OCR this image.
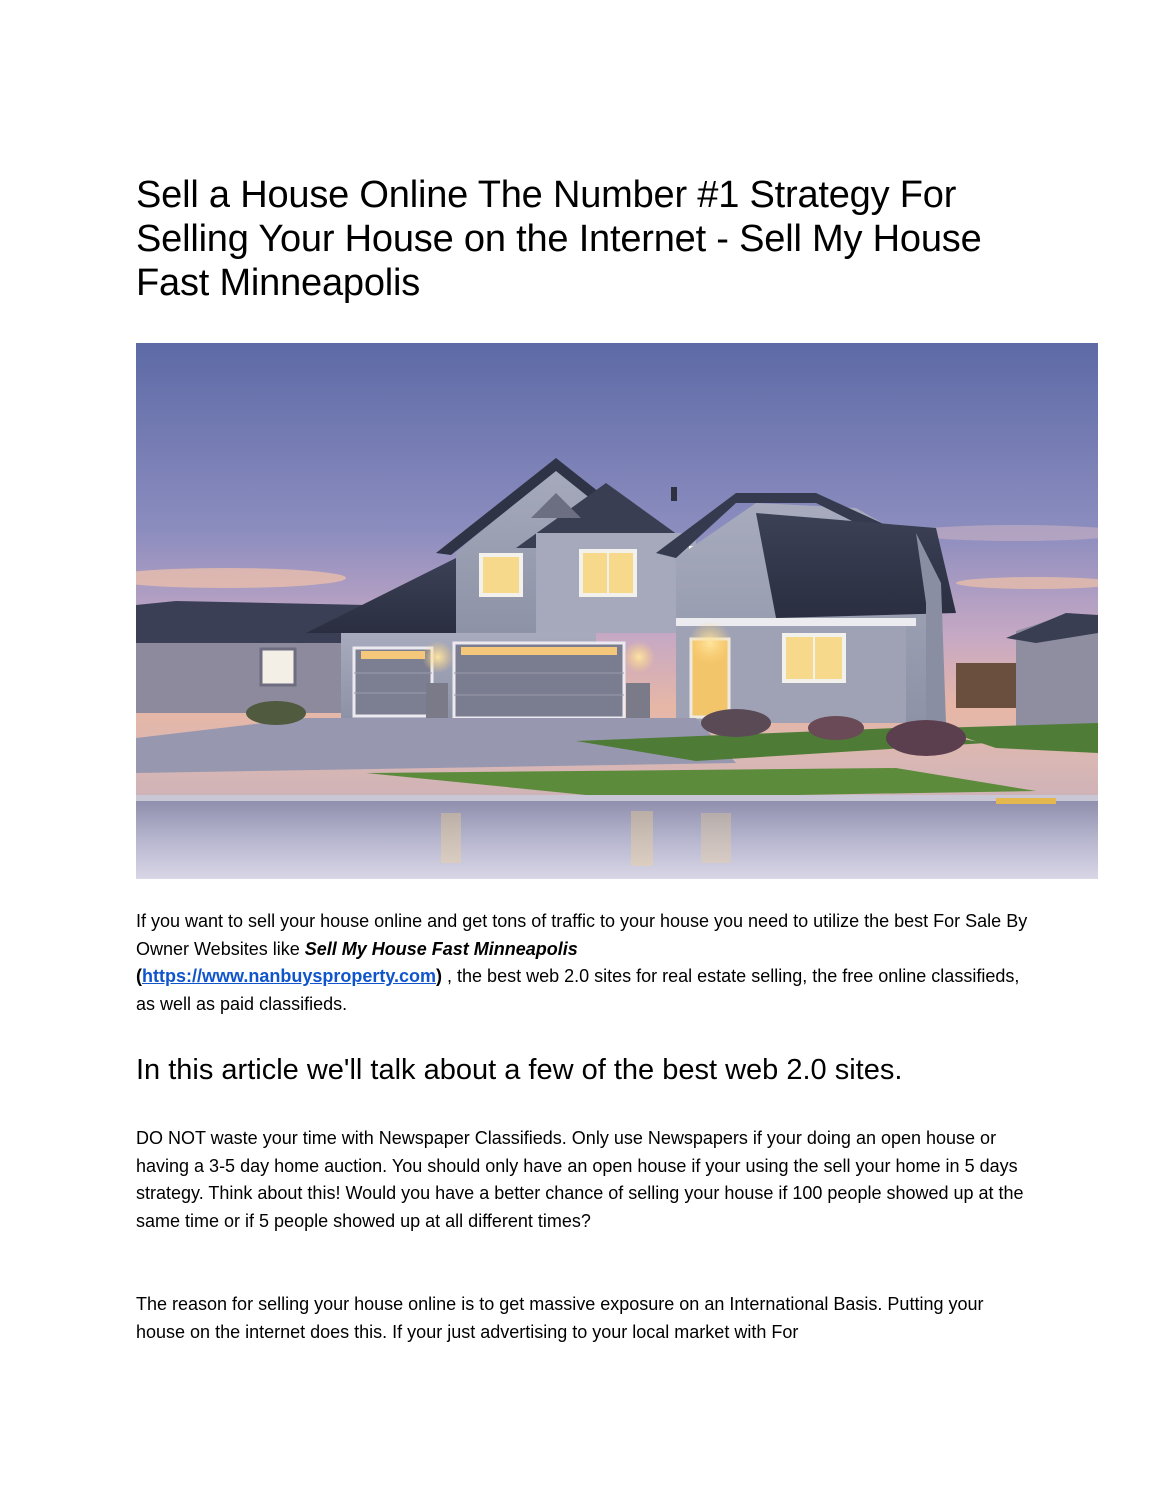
Sell a House Online The Number #1 Strategy For Selling Your House on the Internet - Sell My House Fast Minneapolis

If you want to sell your house online and get tons of traffic to your house you need to utilize the best For Sale By Owner Websites like Sell My House Fast Minneapolis
(https://www.nanbuysproperty.com) , the best web 2.0 sites for real estate selling, the free online classifieds, as well as paid classifieds.

In this article we'll talk about a few of the best web 2.0 sites.

DO NOT waste your time with Newspaper Classifieds. Only use Newspapers if your doing an open house or having a 3-5 day home auction. You should only have an open house if your using the sell your home in 5 days strategy. Think about this! Would you have a better chance of selling your house if 100 people showed up at the same time or if 5 people showed up at all different times?

The reason for selling your house online is to get massive exposure on an International Basis. Putting your house on the internet does this. If your just advertising to your local market with For
